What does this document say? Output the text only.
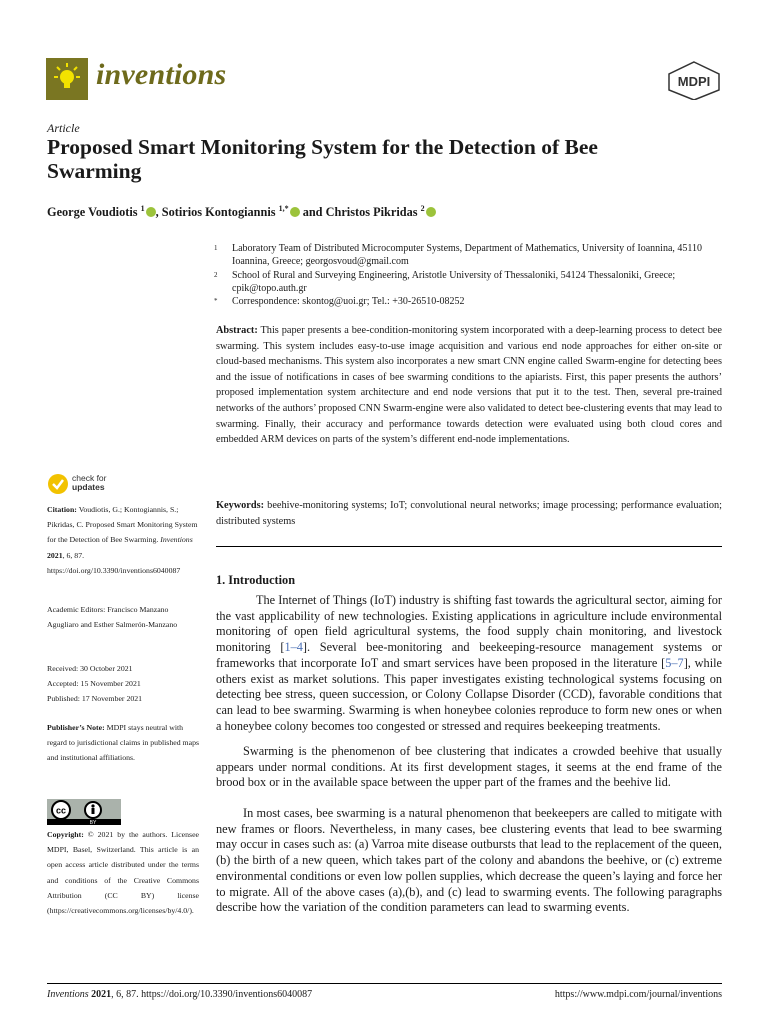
inventions	MDPI
Article
Proposed Smart Monitoring System for the Detection of Bee Swarming
George Voudiotis $^1$ , Sotirios Kontogiannis $^{1,*}$ and Christos Pikridas $^2$
1 Laboratory Team of Distributed Microcomputer Systems, Department of Mathematics, University of Ioannina, 45110 Ioannina, Greece; georgosvoud@gmail.com
2 School of Rural and Surveying Engineering, Aristotle University of Thessaloniki, 54124 Thessaloniki, Greece; cpik@topo.auth.gr
* Correspondence: skontog@uoi.gr; Tel.: +30-26510-08252
Abstract: This paper presents a bee-condition-monitoring system incorporated with a deep-learning process to detect bee swarming. This system includes easy-to-use image acquisition and various end node approaches for either on-site or cloud-based mechanisms. This system also incorporates a new smart CNN engine called Swarm-engine for detecting bees and the issue of notifications in cases of bee swarming conditions to the apiarists. First, this paper presents the authors’ proposed implementation system architecture and end node versions that put it to the test. Then, several pre-trained networks of the authors’ proposed CNN Swarm-engine were also validated to detect bee-clustering events that may lead to swarming. Finally, their accuracy and performance towards detection were evaluated using both cloud cores and embedded ARM devices on parts of the system’s different end-node implementations.
Keywords: beehive-monitoring systems; IoT; convolutional neural networks; image processing; performance evaluation; distributed systems
check for
updates
Citation: Voudiotis, G.; Kontogiannis, S.; Pikridas, C. Proposed Smart Monitoring System for the Detection of Bee Swarming. Inventions 2021, 6, 87. https://doi.org/10.3390/inventions6040087
Academic Editors: Francisco Manzano Agugliaro and Esther Salmerón-Manzano
Received: 30 October 2021
Accepted: 15 November 2021
Published: 17 November 2021
Publisher’s Note: MDPI stays neutral with regard to jurisdictional claims in published maps and institutional affiliations.
cc
BY
Copyright: © 2021 by the authors. Licensee MDPI, Basel, Switzerland. This article is an open access article distributed under the terms and conditions of the Creative Commons Attribution (CC BY) license (https://creativecommons.org/licenses/by/4.0/).
1. Introduction
The Internet of Things (IoT) industry is shifting fast towards the agricultural sector, aiming for the vast applicability of new technologies. Existing applications in agriculture include environmental monitoring of open field agricultural systems, the food supply chain monitoring, and livestock monitoring [1–4]. Several bee-monitoring and beekeeping-resource management systems or frameworks that incorporate IoT and smart services have been proposed in the literature [5–7], while others exist as market solutions. This paper investigates existing technological systems focusing on detecting bee stress, queen succession, or Colony Collapse Disorder (CCD), favorable conditions that can lead to bee swarming. Swarming is when honeybee colonies reproduce to form new ones or when a honeybee colony becomes too congested or stressed and requires beekeeping treatments.
Swarming is the phenomenon of bee clustering that indicates a crowded beehive that usually appears under normal conditions. At its first development stages, it seems at the end frame of the brood box or in the available space between the upper part of the frames and the beehive lid.
In most cases, bee swarming is a natural phenomenon that beekeepers are called to mitigate with new frames or floors. Nevertheless, in many cases, bee clustering events that lead to bee swarming may occur in cases such as: (a) Varroa mite disease outbursts that lead to the replacement of the queen, (b) the birth of a new queen, which takes part of the colony and abandons the beehive, or (c) extreme environmental conditions or even low pollen supplies, which decrease the queen’s laying and force her to migrate. All of the above cases (a),(b), and (c) lead to swarming events. The following paragraphs describe how the variation of the condition parameters can lead to swarming events.
Inventions 2021, 6, 87. https://doi.org/10.3390/inventions6040087	https://www.mdpi.com/journal/inventions
